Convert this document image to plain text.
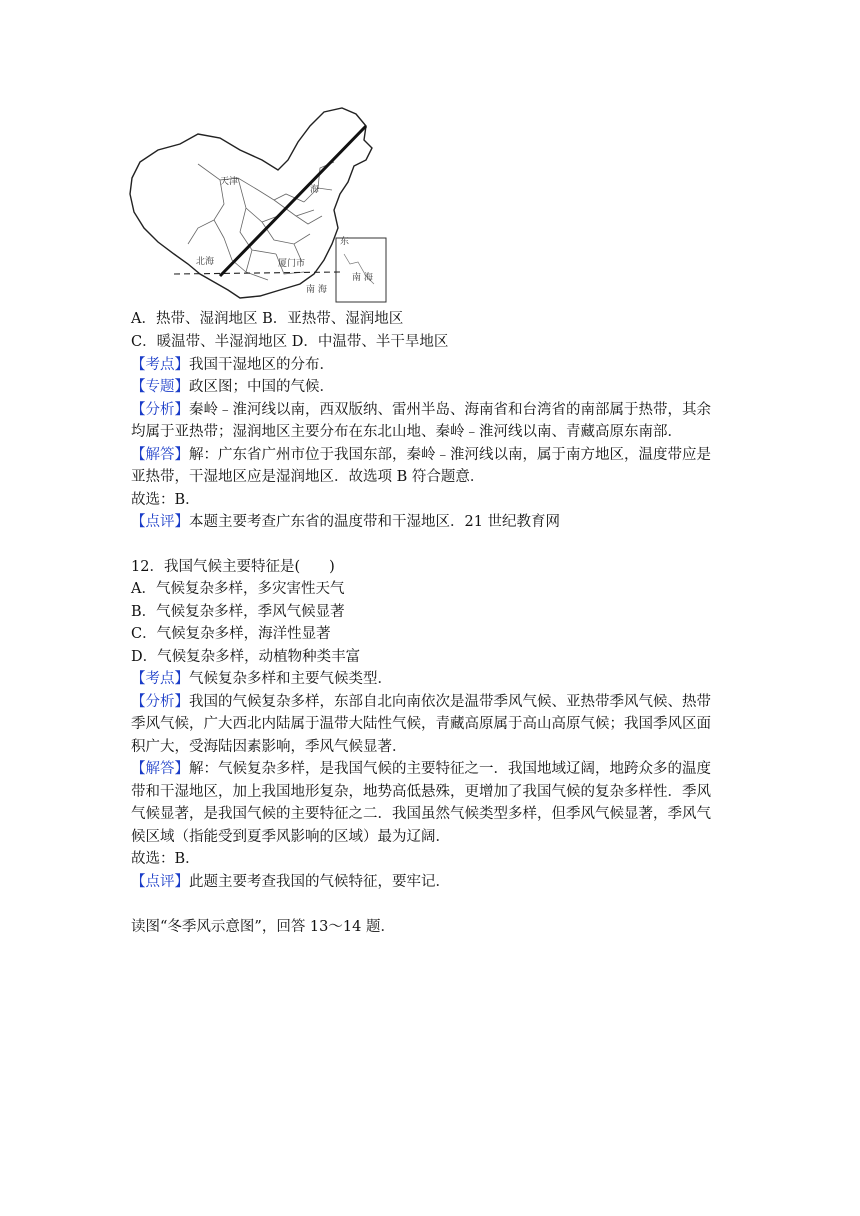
天津
北海	厦门市
海
东
南 海
南 海
A．热带、湿润地区 B．亚热带、湿润地区
C．暖温带、半湿润地区 D．中温带、半干旱地区
【考点】我国干湿地区的分布．
【专题】政区图；中国的气候．
【分析】秦岭﹣淮河线以南，西双版纳、雷州半岛、海南省和台湾省的南部属于热带，其余
均属于亚热带；湿润地区主要分布在东北山地、秦岭﹣淮河线以南、青藏高原东南部．
【解答】解：广东省广州市位于我国东部，秦岭﹣淮河线以南，属于南方地区，温度带应是
亚热带，干湿地区应是湿润地区．故选项 B 符合题意．
故选：B．
【点评】本题主要考查广东省的温度带和干湿地区．21 世纪教育网
12．我国气候主要特征是(　　)
A．气候复杂多样，多灾害性天气
B．气候复杂多样，季风气候显著
C．气候复杂多样，海洋性显著
D．气候复杂多样，动植物种类丰富
【考点】气候复杂多样和主要气候类型．
【分析】我国的气候复杂多样，东部自北向南依次是温带季风气候、亚热带季风气候、热带
季风气候，广大西北内陆属于温带大陆性气候，青藏高原属于高山高原气候；我国季风区面
积广大，受海陆因素影响，季风气候显著．
【解答】解：气候复杂多样，是我国气候的主要特征之一．我国地域辽阔，地跨众多的温度
带和干湿地区，加上我国地形复杂，地势高低悬殊，更增加了我国气候的复杂多样性．季风
气候显著，是我国气候的主要特征之二．我国虽然气候类型多样，但季风气候显著，季风气
候区域（指能受到夏季风影响的区域）最为辽阔．
故选：B．
【点评】此题主要考查我国的气候特征，要牢记．
读图“冬季风示意图”，回答 13～14 题．
